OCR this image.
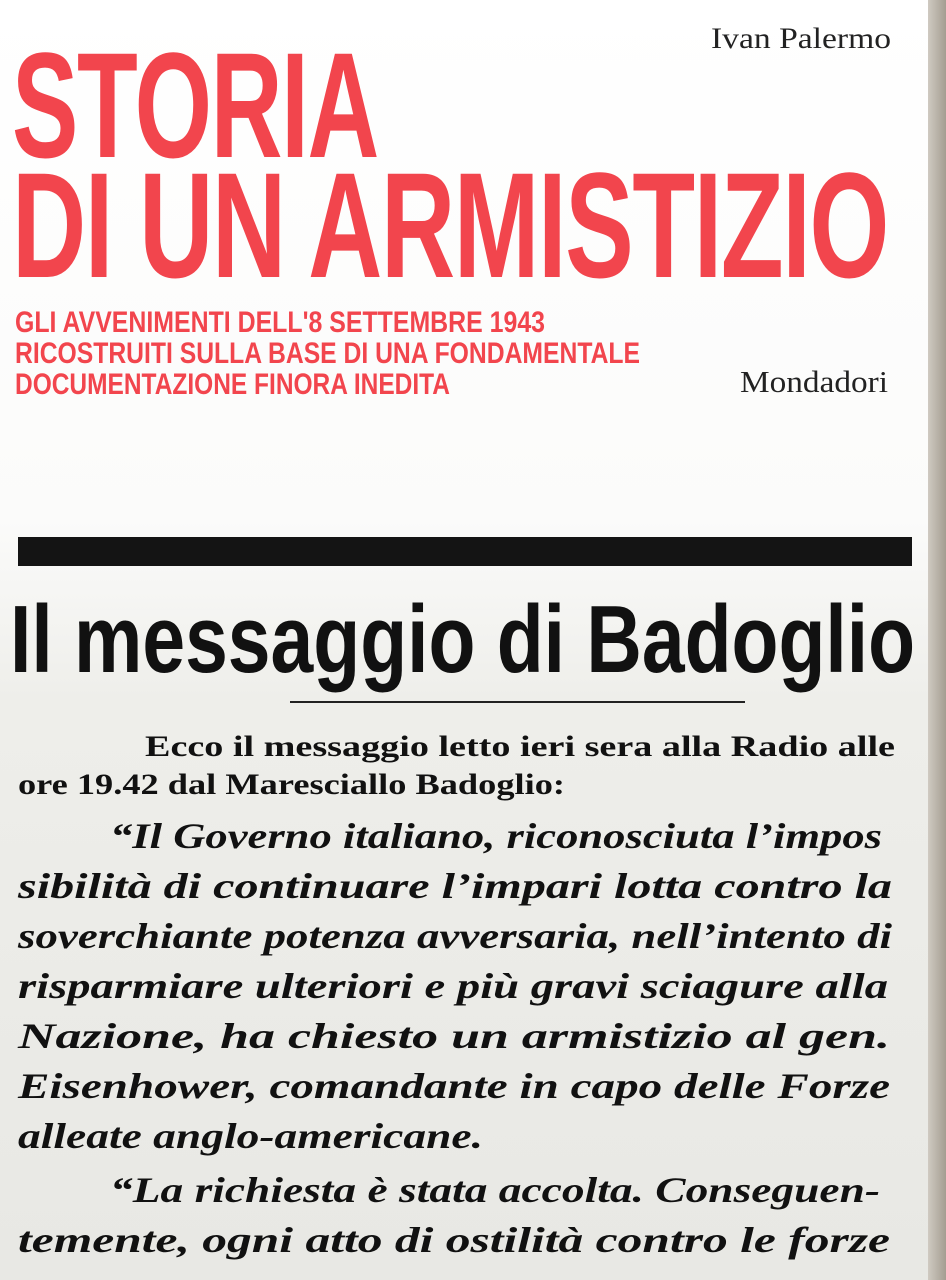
Ivan Palermo
STORIA
DI UN ARMISTIZIO
GLI AVVENIMENTI DELL'8 SETTEMBRE 1943
RICOSTRUITI SULLA BASE DI UNA FONDAMENTALE
DOCUMENTAZIONE FINORA INEDITA	Mondadori
Il messaggio di Badoglio
Ecco il messaggio letto ieri sera alla Radio alle
ore 19.42 dal Maresciallo Badoglio:
“Il Governo italiano, riconosciuta l’impos
sibilità di continuare l’impari lotta contro la
soverchiante potenza avversaria, nell’intento di
risparmiare ulteriori e più gravi sciagure alla
Nazione, ha chiesto un armistizio al gen.
Eisenhower, comandante in capo delle Forze
alleate anglo-americane.
“La richiesta è stata accolta. Conseguen-
temente, ogni atto di ostilità contro le forze
